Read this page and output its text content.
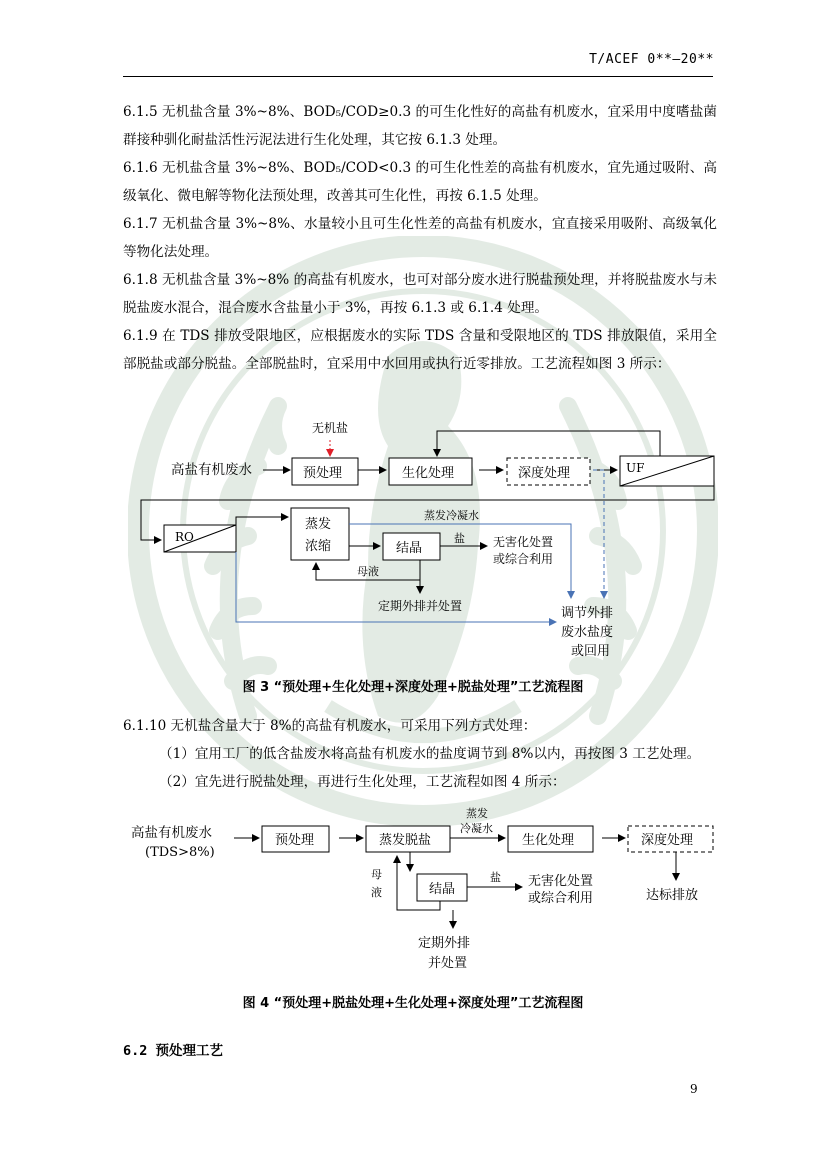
T/ACEF 0**—20**
6.1.5 无机盐含量 3%~8%、BOD₅/COD≥0.3 的可生化性好的高盐有机废水，宜采用中度嗜盐菌群接种驯化耐盐活性污泥法进行生化处理，其它按 6.1.3 处理。
6.1.6 无机盐含量 3%~8%、BOD₅/COD<0.3 的可生化性差的高盐有机废水，宜先通过吸附、高级氧化、微电解等物化法预处理，改善其可生化性，再按 6.1.5 处理。
6.1.7 无机盐含量 3%~8%、水量较小且可生化性差的高盐有机废水，宜直接采用吸附、高级氧化等物化法处理。
6.1.8 无机盐含量 3%~8% 的高盐有机废水，也可对部分废水进行脱盐预处理，并将脱盐废水与未脱盐废水混合，混合废水含盐量小于 3%，再按 6.1.3 或 6.1.4 处理。
6.1.9 在 TDS 排放受限地区，应根据废水的实际 TDS 含量和受限地区的 TDS 排放限值，采用全部脱盐或部分脱盐。全部脱盐时，宜采用中水回用或执行近零排放。工艺流程如图 3 所示：
无机盐
高盐有机废水	预处理	生化处理	深度处理	UF
RO
蒸发
浓缩	结晶
盐 无害化处置
或综合利用
母液
定期外排并处置
蒸发冷凝水
调节外排
废水盐度
或回用
图 3 “预处理+生化处理+深度处理+脱盐处理”工艺流程图
6.1.10 无机盐含量大于 8%的高盐有机废水，可采用下列方式处理：
（1）宜用工厂的低含盐废水将高盐有机废水的盐度调节到 8%以内，再按图 3 工艺处理。
（2）宜先进行脱盐处理，再进行生化处理，工艺流程如图 4 所示：
高盐有机废水
(TDS>8%)
预处理	蒸发脱盐
蒸发
冷凝水
生化处理	深度处理
达标排放
结晶
母
液
盐 无害化处置
或综合利用
定期外排
并处置
图 4 “预处理+脱盐处理+生化处理+深度处理”工艺流程图
6.2 预处理工艺
9
